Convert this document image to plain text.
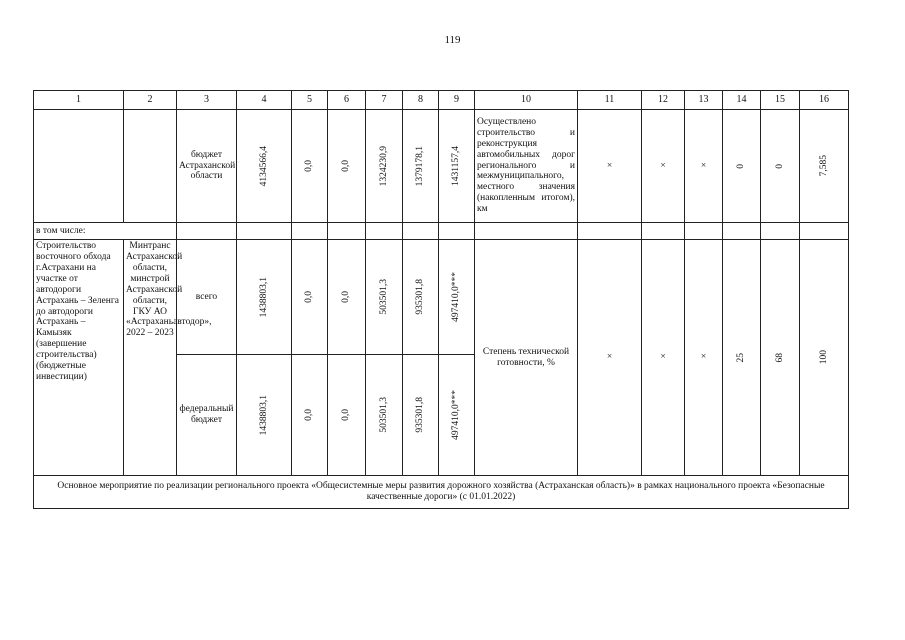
119
1	2	3	4	5	6	7	8	9	10	11	12	13	14	15	16
		бюджет Астраханской области	4134566,4	0,0	0,0	1324230,9	1379178,1	1431157,4	Осуществлено строительство и реконструкция автомобильных дорог регионального и межмуниципального, местного значения (накопленным итогом), км	×	×	×	0	0	7,585

в том числе:															
Строительство восточного обхода г.Астрахани на участке от автодороги Астрахань – Зеленга до автодороги Астрахань – Камызяк (завершение строительства) (бюджетные инвестиции)	Минтранс Астраханской области, минстрой Астраханской области, ГКУ АО «Астраханьавтодор», 2022 – 2023	всего	1438803,1	0,0	0,0	503501,3	935301,8	497410,0***	Степень технической готовности, %	×	×	×	25	68	100

		федеральный бюджет	1438803,1	0,0	0,0	503501,3	935301,8	497410,0***							

Основное мероприятие по реализации регионального проекта «Общесистемные меры развития дорожного хозяйства (Астраханская область)» в рамках национального проекта «Безопасные качественные дороги» (с 01.01.2022)															
